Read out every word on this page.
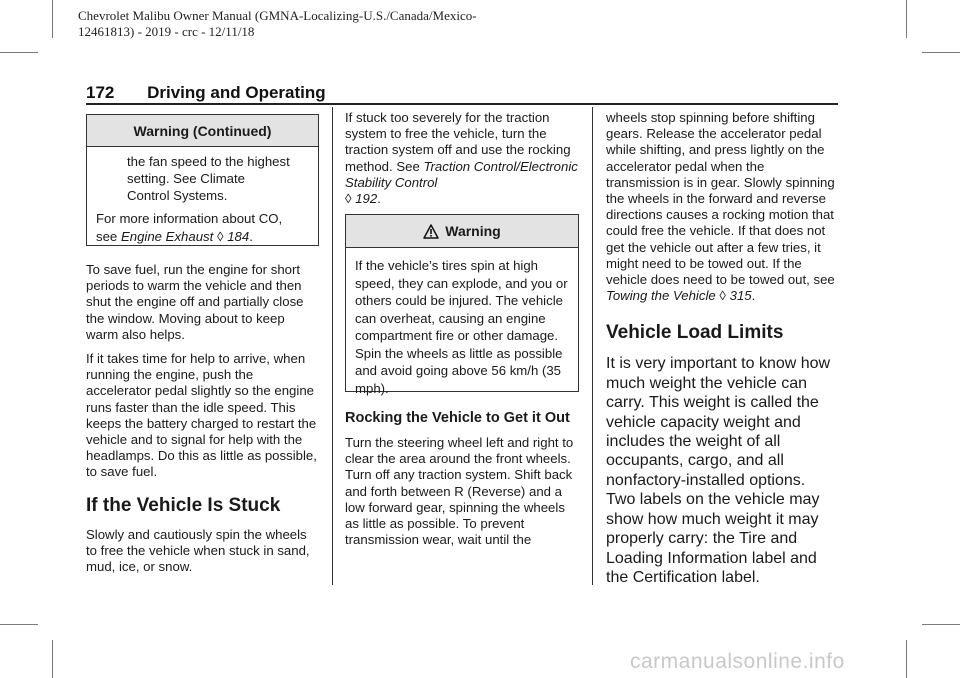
Chevrolet Malibu Owner Manual (GMNA-Localizing-U.S./Canada/Mexico-
12461813) - 2019 - crc - 12/11/18
172 Driving and Operating
Warning (Continued)
the fan speed to the highest
setting. See Climate
Control Systems.
For more information about CO,
see Engine Exhaust ◊ 184.

To save fuel, run the engine for short periods to warm the vehicle and then shut the engine off and partially close the window. Moving about to keep warm also helps.

If it takes time for help to arrive, when running the engine, push the accelerator pedal slightly so the engine runs faster than the idle speed. This keeps the battery charged to restart the vehicle and to signal for help with the headlamps. Do this as little as possible, to save fuel.

If the Vehicle Is Stuck

Slowly and cautiously spin the wheels to free the vehicle when stuck in sand, mud, ice, or snow.

If stuck too severely for the traction system to free the vehicle, turn the traction system off and use the rocking method. See Traction Control/Electronic Stability Control
◊ 192.

Warning

If the vehicle’s tires spin at high speed, they can explode, and you or others could be injured. The vehicle can overheat, causing an engine compartment fire or other damage. Spin the wheels as little as possible and avoid going above 56 km/h (35 mph).

Rocking the Vehicle to Get it Out

Turn the steering wheel left and right to clear the area around the front wheels. Turn off any traction system. Shift back and forth between R (Reverse) and a low forward gear, spinning the wheels as little as possible. To prevent transmission wear, wait until the

wheels stop spinning before shifting gears. Release the accelerator pedal while shifting, and press lightly on the accelerator pedal when the transmission is in gear. Slowly spinning the wheels in the forward and reverse directions causes a rocking motion that could free the vehicle. If that does not get the vehicle out after a few tries, it might need to be towed out. If the vehicle does need to be towed out, see Towing the Vehicle ◊ 315.

Vehicle Load Limits

It is very important to know how much weight the vehicle can carry. This weight is called the vehicle capacity weight and includes the weight of all occupants, cargo, and all nonfactory-installed options. Two labels on the vehicle may show how much weight it may properly carry: the Tire and Loading Information label and the Certification label.

carmanualsonline.info
